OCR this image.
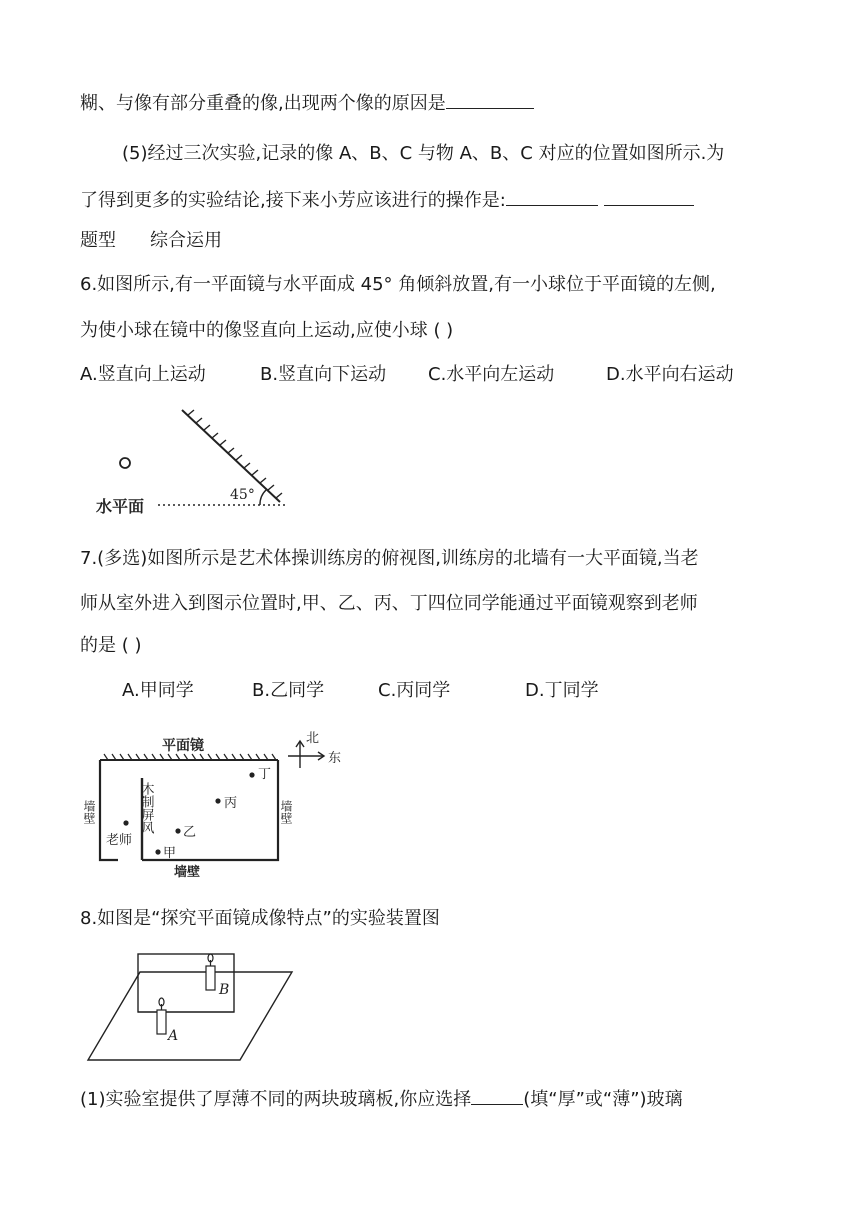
糊、与像有部分重叠的像,出现两个像的原因是
(5)经过三次实验,记录的像 A、B、C 与物 A、B、C 对应的位置如图所示.为
了得到更多的实验结论,接下来小芳应该进行的操作是:
题型 综合运用
6.如图所示,有一平面镜与水平面成 45° 角倾斜放置,有一小球位于平面镜的左侧,
为使小球在镜中的像竖直向上运动,应使小球 ( )
A.竖直向上运动	B.竖直向下运动 C.水平向左运动	D.水平向右运动
45°
水平面
7.(多选)如图所示是艺术体操训练房的俯视图,训练房的北墙有一大平面镜,当老
师从室外进入到图示位置时,甲、乙、丙、丁四位同学能通过平面镜观察到老师
的是 ( )
A.甲同学	B.乙同学	C.丙同学	D.丁同学
平面镜
木制屏风
墙壁	墙壁
墙壁
老师
甲
乙
丙
丁
北
东
8.如图是“探究平面镜成像特点”的实验装置图
B
A
(1)实验室提供了厚薄不同的两块玻璃板,你应选择	(填“厚”或“薄”)玻璃
